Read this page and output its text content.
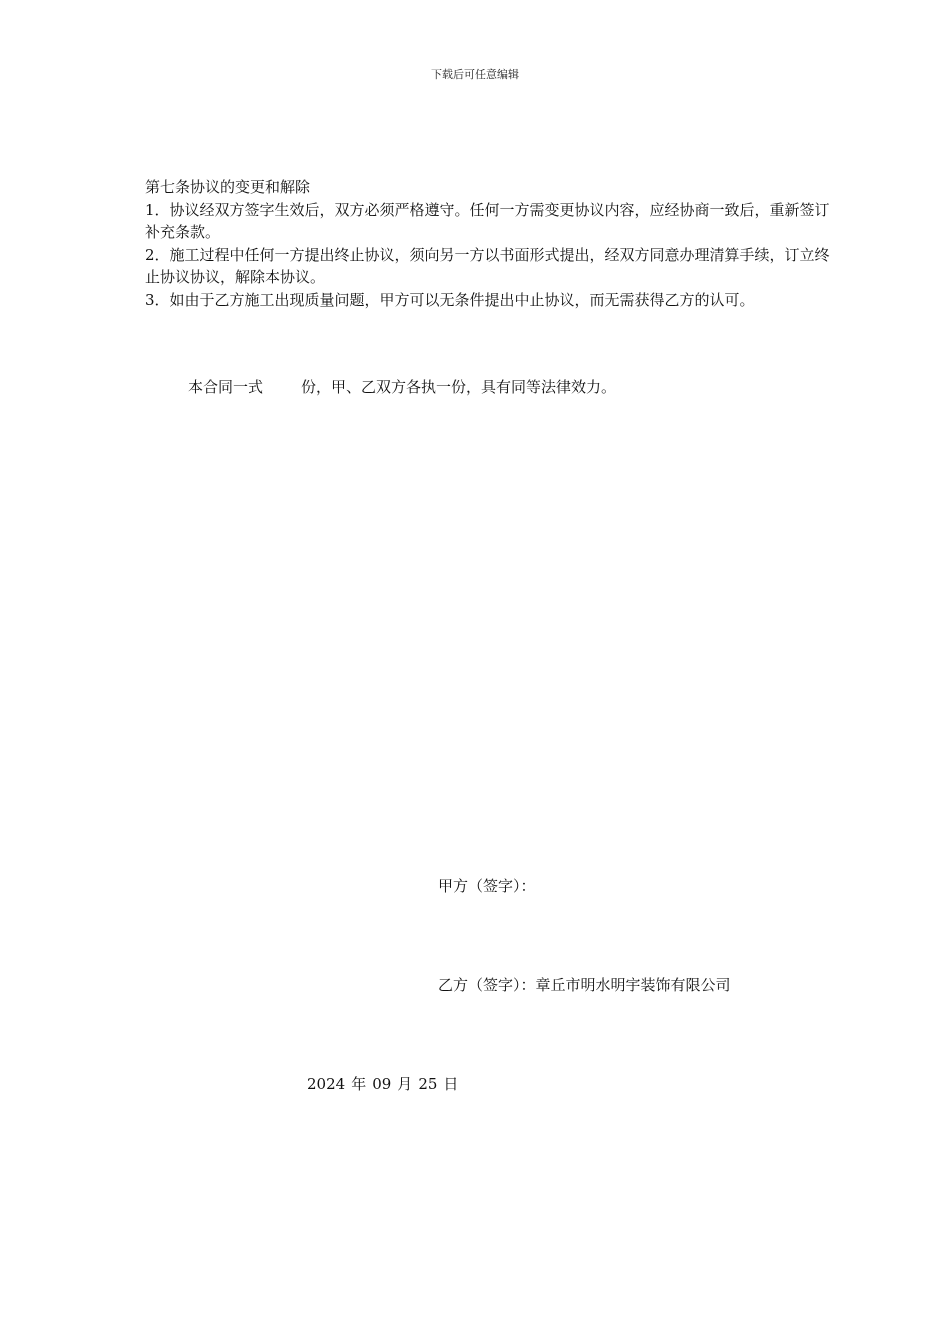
下载后可任意编辑

第七条协议的变更和解除

1．协议经双方签字生效后，双方必须严格遵守。任何一方需变更协议内容，应经协商一致后，重新签订补充条款。

2．施工过程中任何一方提出终止协议，须向另一方以书面形式提出，经双方同意办理清算手续，订立终止协议协议，解除本协议。

3．如由于乙方施工出现质量问题，甲方可以无条件提出中止协议，而无需获得乙方的认可。

本合同一式	份，甲、乙双方各执一份，具有同等法律效力。
甲方（签字）：
乙方（签字）：章丘市明水明宇装饰有限公司
2024 年 09 月 25 日
